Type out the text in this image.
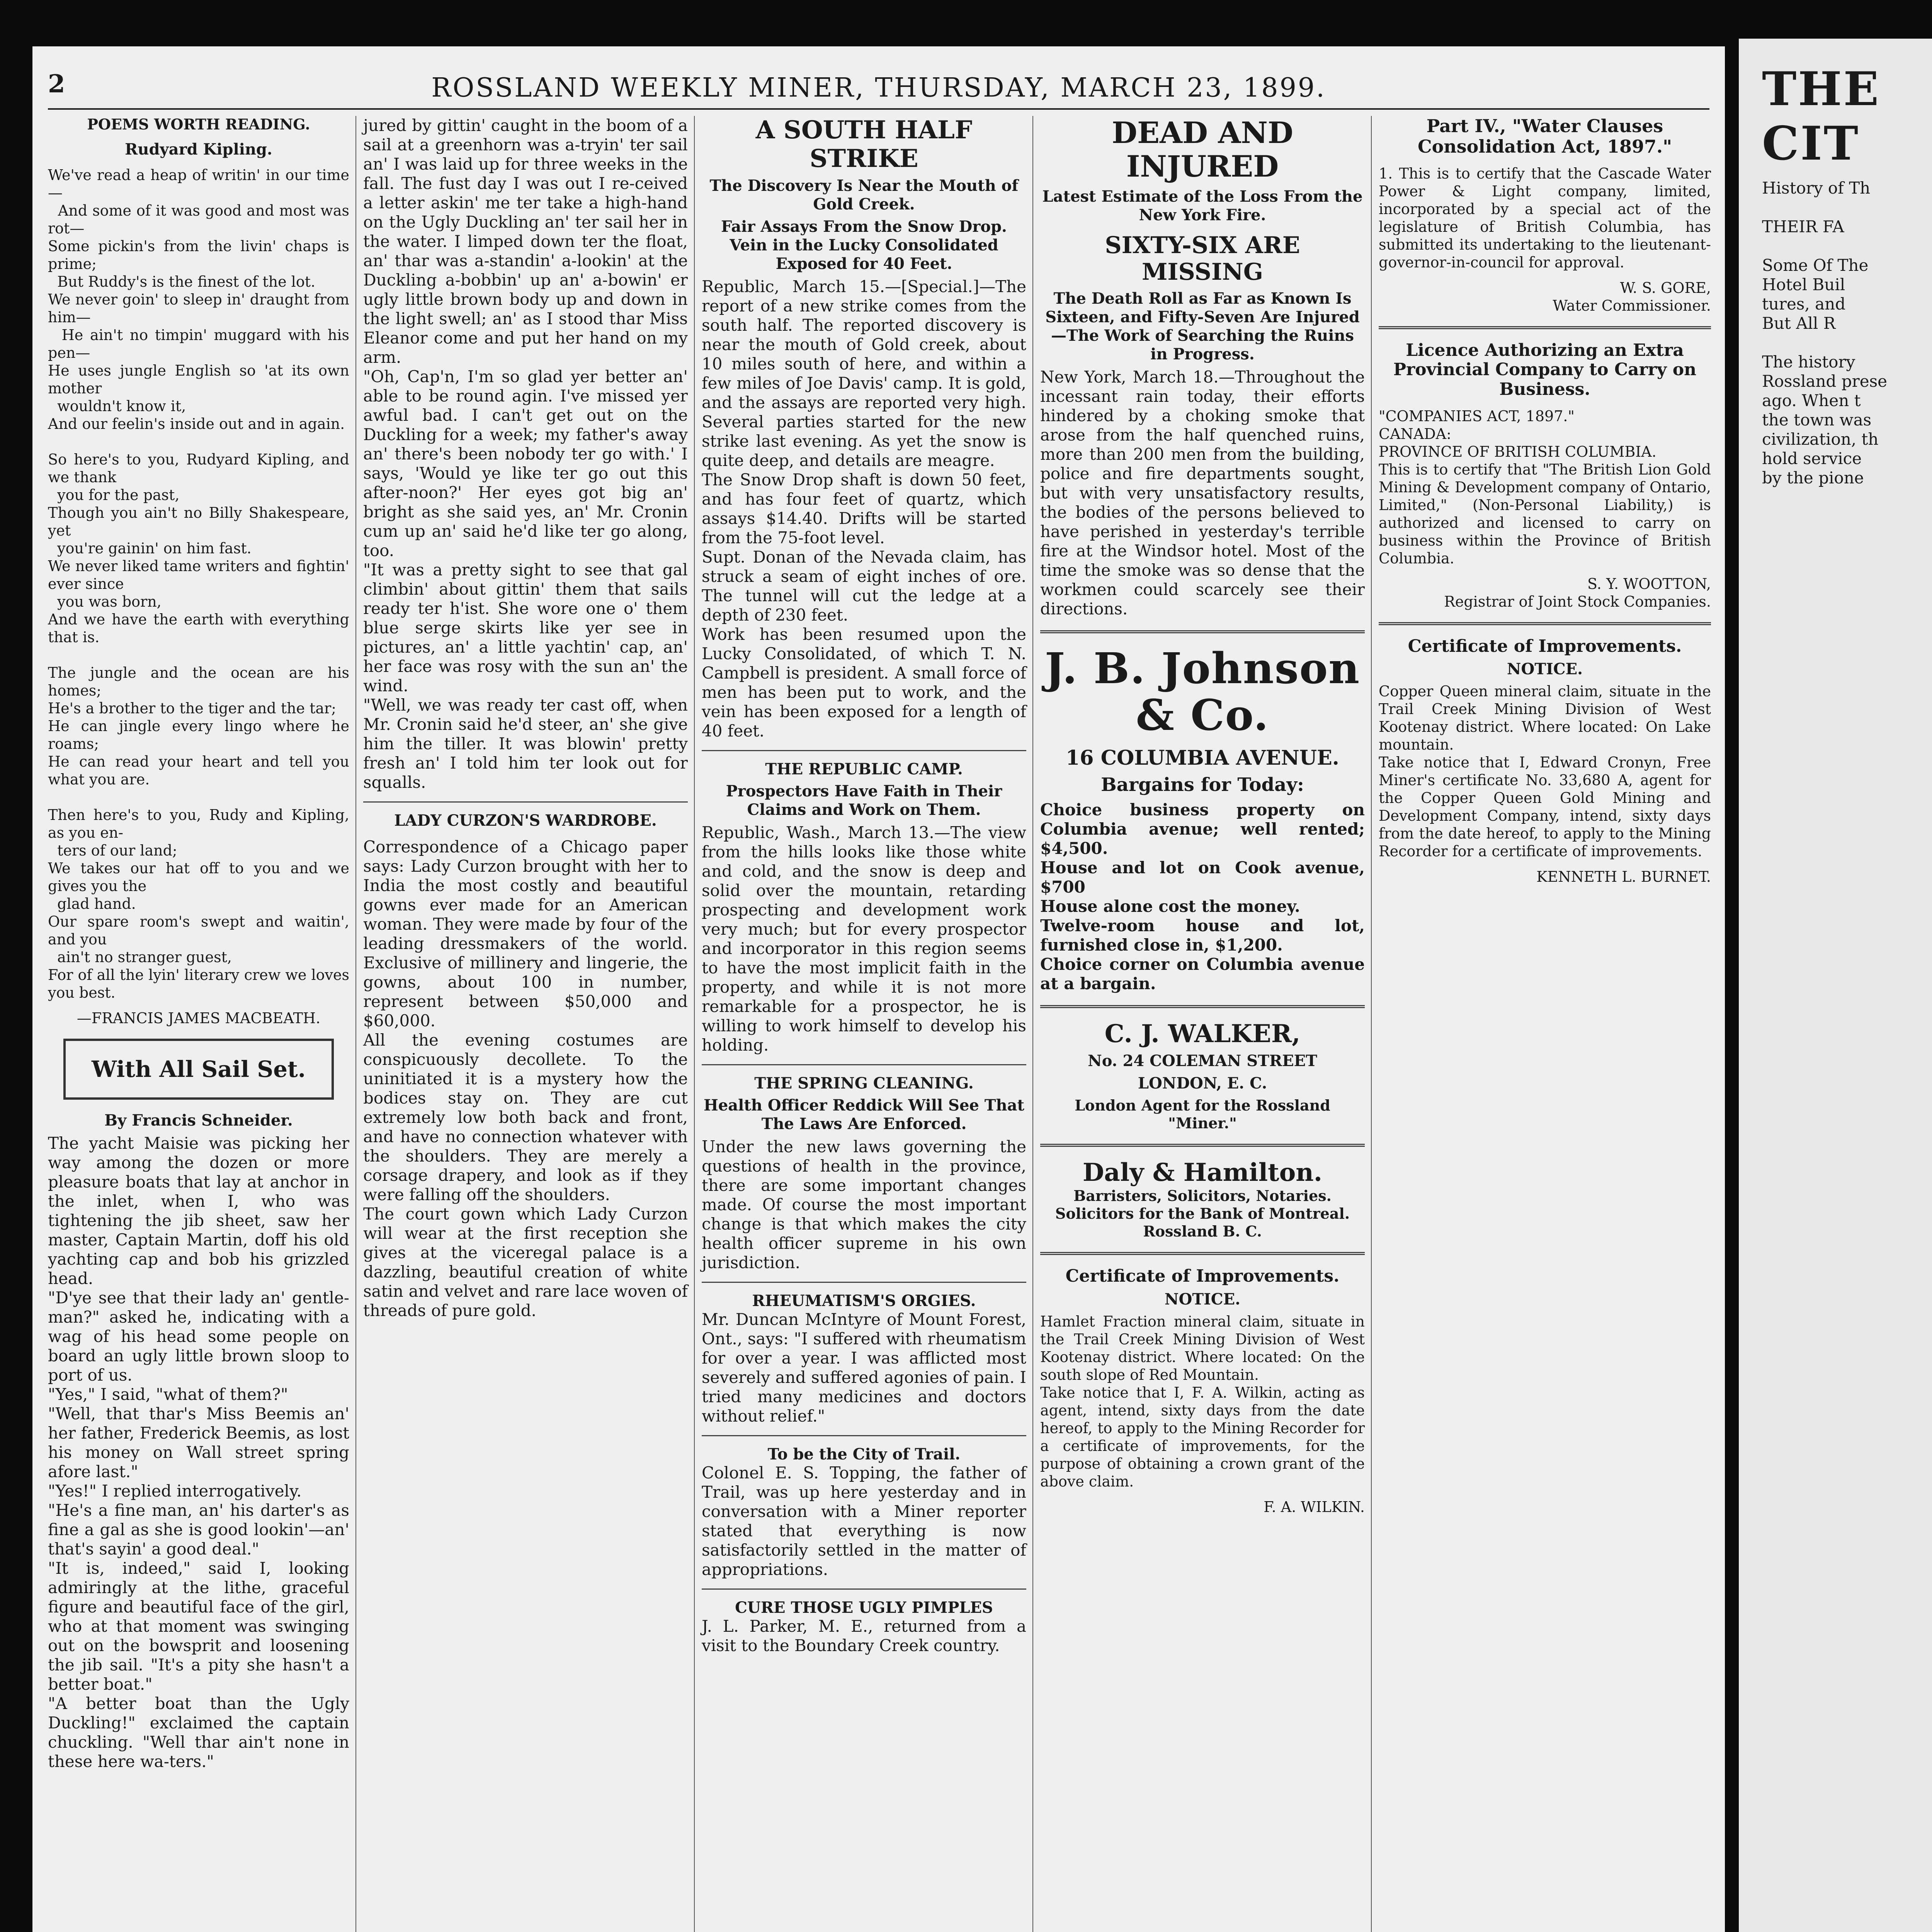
2	ROSSLAND WEEKLY MINER, THURSDAY, MARCH 23, 1899.

POEMS WORTH READING.

Rudyard Kipling.

We've read a heap of writin' in our time—
And some of it was good and most was rot—
Some pickin's from the livin' chaps is prime;
But Ruddy's is the finest of the lot.
We never goin' to sleep in' draught from him—
He ain't no timpin' muggard with his pen—
He uses jungle English so 'at its own mother
wouldn't know it,
And our feelin's inside out and in again.

So here's to you, Rudyard Kipling, and we thank
you for the past,
Though you ain't no Billy Shakespeare, yet
you're gainin' on him fast.
We never liked tame writers and fightin' ever since
you was born,
And we have the earth with everything that is.

The jungle and the ocean are his homes;
He's a brother to the tiger and the tar;
He can jingle every lingo where he roams;
He can read your heart and tell you what you are.

Then here's to you, Rudy and Kipling, as you en-
ters of our land;
We takes our hat off to you and we gives you the
glad hand.
Our spare room's swept and waitin', and you
ain't no stranger guest,
For of all the lyin' literary crew we loves you best.

—FRANCIS JAMES MACBEATH.

With All Sail Set.

By Francis Schneider.

The yacht Maisie was picking her way among the dozen or more pleasure boats that lay at anchor in the inlet, when I, who was tightening the jib sheet, saw her master, Captain Martin, doff his old yachting cap and bob his grizzled head.
"D'ye see that their lady an' gentle-man?" asked he, indicating with a wag of his head some people on board an ugly little brown sloop to port of us.
"Yes," I said, "what of them?"
"Well, that thar's Miss Beemis an' her father, Frederick Beemis, as lost his money on Wall street spring afore last."
"Yes!" I replied interrogatively.
"He's a fine man, an' his darter's as fine a gal as she is good lookin'—an' that's sayin' a good deal."
"It is, indeed," said I, looking admiringly at the lithe, graceful figure and beautiful face of the girl, who at that moment was swinging out on the bowsprit and loosening the jib sail. "It's a pity she hasn't a better boat."
"A better boat than the Ugly Duckling!" exclaimed the captain chuckling. "Well thar ain't none in these here wa-ters."

jured by gittin' caught in the boom of a sail at a greenhorn was a-tryin' ter sail an' I was laid up for three weeks in the fall. The fust day I was out I re-ceived a letter askin' me ter take a high-hand on the Ugly Duckling an' ter sail her in the water. I limped down ter the float, an' thar was a-standin' a-lookin' at the Duckling a-bobbin' up an' a-bowin' er ugly little brown body up and down in the light swell; an' as I stood thar Miss Eleanor come and put her hand on my arm.
"Oh, Cap'n, I'm so glad yer better an' able to be round agin. I've missed yer awful bad. I can't get out on the Duckling for a week; my father's away an' there's been nobody ter go with.' I says, 'Would ye like ter go out this after-noon?' Her eyes got big an' bright as she said yes, an' Mr. Cronin cum up an' said he'd like ter go along, too.
"It was a pretty sight to see that gal climbin' about gittin' them that sails ready ter h'ist. She wore one o' them blue serge skirts like yer see in pictures, an' a little yachtin' cap, an' her face was rosy with the sun an' the wind.
"Well, we was ready ter cast off, when Mr. Cronin said he'd steer, an' she give him the tiller. It was blowin' pretty fresh an' I told him ter look out for squalls.

LADY CURZON'S WARDROBE.

Correspondence of a Chicago paper says: Lady Curzon brought with her to India the most costly and beautiful gowns ever made for an American woman. They were made by four of the leading dressmakers of the world. Exclusive of millinery and lingerie, the gowns, about 100 in number, represent between $50,000 and $60,000.
All the evening costumes are conspicuously decollete. To the uninitiated it is a mystery how the bodices stay on. They are cut extremely low both back and front, and have no connection whatever with the shoulders. They are merely a corsage drapery, and look as if they were falling off the shoulders.
The court gown which Lady Curzon will wear at the first reception she gives at the viceregal palace is a dazzling, beautiful creation of white satin and velvet and rare lace woven of threads of pure gold.

A SOUTH HALF STRIKE

The Discovery Is Near the Mouth of Gold Creek.

Fair Assays From the Snow Drop. Vein in the Lucky Consolidated Exposed for 40 Feet.

Republic, March 15.—[Special.]—The report of a new strike comes from the south half. The reported discovery is near the mouth of Gold creek, about 10 miles south of here, and within a few miles of Joe Davis' camp. It is gold, and the assays are reported very high. Several parties started for the new strike last evening. As yet the snow is quite deep, and details are meagre.
The Snow Drop shaft is down 50 feet, and has four feet of quartz, which assays $14.40. Drifts will be started from the 75-foot level.
Supt. Donan of the Nevada claim, has struck a seam of eight inches of ore. The tunnel will cut the ledge at a depth of 230 feet.
Work has been resumed upon the Lucky Consolidated, of which T. N. Campbell is president. A small force of men has been put to work, and the vein has been exposed for a length of 40 feet.

THE REPUBLIC CAMP.

Prospectors Have Faith in Their Claims and Work on Them.

Republic, Wash., March 13.—The view from the hills looks like those white and cold, and the snow is deep and solid over the mountain, retarding prospecting and development work very much; but for every prospector and incorporator in this region seems to have the most implicit faith in the property, and while it is not more remarkable for a prospector, he is willing to work himself to develop his holding.

THE SPRING CLEANING.

Health Officer Reddick Will See That The Laws Are Enforced.

Under the new laws governing the questions of health in the province, there are some important changes made. Of course the most important change is that which makes the city health officer supreme in his own jurisdiction.

RHEUMATISM'S ORGIES.

Mr. Duncan McIntyre of Mount Forest, Ont., says: "I suffered with rheumatism for over a year. I was afflicted most severely and suffered agonies of pain. I tried many medicines and doctors without relief."

To be the City of Trail.

Colonel E. S. Topping, the father of Trail, was up here yesterday and in conversation with a Miner reporter stated that everything is now satisfactorily settled in the matter of appropriations.

CURE THOSE UGLY PIMPLES

J. L. Parker, M. E., returned from a visit to the Boundary Creek country.

DEAD AND INJURED

Latest Estimate of the Loss From the New York Fire.

SIXTY-SIX ARE MISSING

The Death Roll as Far as Known Is Sixteen, and Fifty-Seven Are Injured—The Work of Searching the Ruins in Progress.

New York, March 18.—Throughout the incessant rain today, their efforts hindered by a choking smoke that arose from the half quenched ruins, more than 200 men from the building, police and fire departments sought, but with very unsatisfactory results, the bodies of the persons believed to have perished in yesterday's terrible fire at the Windsor hotel. Most of the time the smoke was so dense that the workmen could scarcely see their directions.

J. B. Johnson & Co.

16 COLUMBIA AVENUE.

Bargains for Today:

Choice business property on Columbia avenue; well rented; $4,500.
House and lot on Cook avenue, $700
House alone cost the money.
Twelve-room house and lot, furnished close in, $1,200.
Choice corner on Columbia avenue at a bargain.

C. J. WALKER,

No. 24 COLEMAN STREET

LONDON, E. C.

London Agent for the Rossland "Miner."

Daly & Hamilton.

Barristers, Solicitors, Notaries.
Solicitors for the Bank of Montreal. Rossland B. C.

Certificate of Improvements.

NOTICE.

Hamlet Fraction mineral claim, situate in the Trail Creek Mining Division of West Kootenay district. Where located: On the south slope of Red Mountain.
Take notice that I, F. A. Wilkin, acting as agent, intend, sixty days from the date hereof, to apply to the Mining Recorder for a certificate of improvements, for the purpose of obtaining a crown grant of the above claim.

F. A. WILKIN.

Part IV., "Water Clauses Consolidation Act, 1897."

1. This is to certify that the Cascade Water Power & Light company, limited, incorporated by a special act of the legislature of British Columbia, has submitted its undertaking to the lieutenant-governor-in-council for approval.

W. S. GORE,

Water Commissioner.

Licence Authorizing an Extra Provincial Company to Carry on Business.

"COMPANIES ACT, 1897."
CANADA:
PROVINCE OF BRITISH COLUMBIA.
This is to certify that "The British Lion Gold Mining & Development company of Ontario, Limited," (Non-Personal Liability,) is authorized and licensed to carry on business within the Province of British Columbia.

S. Y. WOOTTON,

Registrar of Joint Stock Companies.

Certificate of Improvements.

NOTICE.

Copper Queen mineral claim, situate in the Trail Creek Mining Division of West Kootenay district. Where located: On Lake mountain.
Take notice that I, Edward Cronyn, Free Miner's certificate No. 33,680 A, agent for the Copper Queen Gold Mining and Development Company, intend, sixty days from the date hereof, to apply to the Mining Recorder for a certificate of improvements.

KENNETH L. BURNET.

THE CIT
History of Th

THEIR FA

Some Of The
Hotel Buil
tures, and
But All R

The history
Rossland prese
ago. When t
the town was
civilization, th
hold service
by the pione
